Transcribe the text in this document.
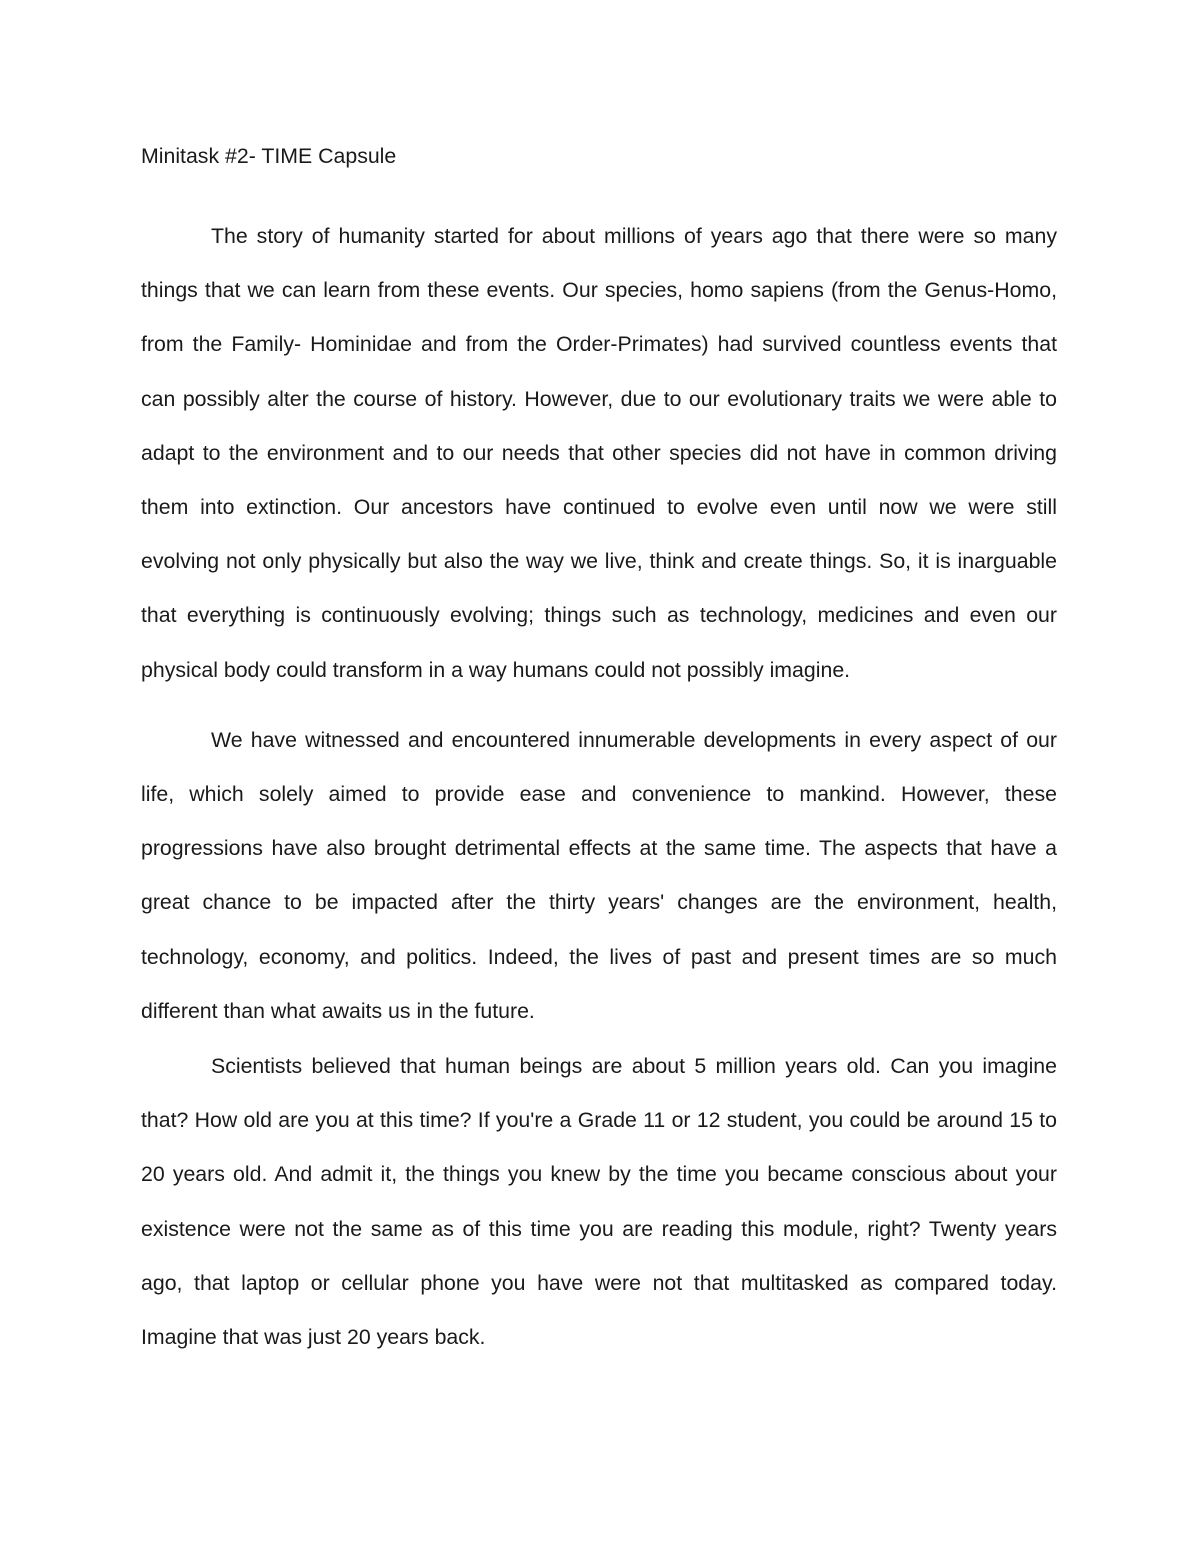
Minitask #2- TIME Capsule

The story of humanity started for about millions of years ago that there were so many things that we can learn from these events. Our species, homo sapiens (from the Genus-Homo, from the Family- Hominidae and from the Order-Primates) had survived countless events that can possibly alter the course of history. However, due to our evolutionary traits we were able to adapt to the environment and to our needs that other species did not have in common driving them into extinction. Our ancestors have continued to evolve even until now we were still evolving not only physically but also the way we live, think and create things. So, it is inarguable that everything is continuously evolving; things such as technology, medicines and even our physical body could transform in a way humans could not possibly imagine.

We have witnessed and encountered innumerable developments in every aspect of our life, which solely aimed to provide ease and convenience to mankind. However, these progressions have also brought detrimental effects at the same time. The aspects that have a great chance to be impacted after the thirty years' changes are the environment, health, technology, economy, and politics. Indeed, the lives of past and present times are so much different than what awaits us in the future.

Scientists believed that human beings are about 5 million years old. Can you imagine that? How old are you at this time? If you're a Grade 11 or 12 student, you could be around 15 to 20 years old. And admit it, the things you knew by the time you became conscious about your existence were not the same as of this time you are reading this module, right? Twenty years ago, that laptop or cellular phone you have were not that multitasked as compared today. Imagine that was just 20 years back.
